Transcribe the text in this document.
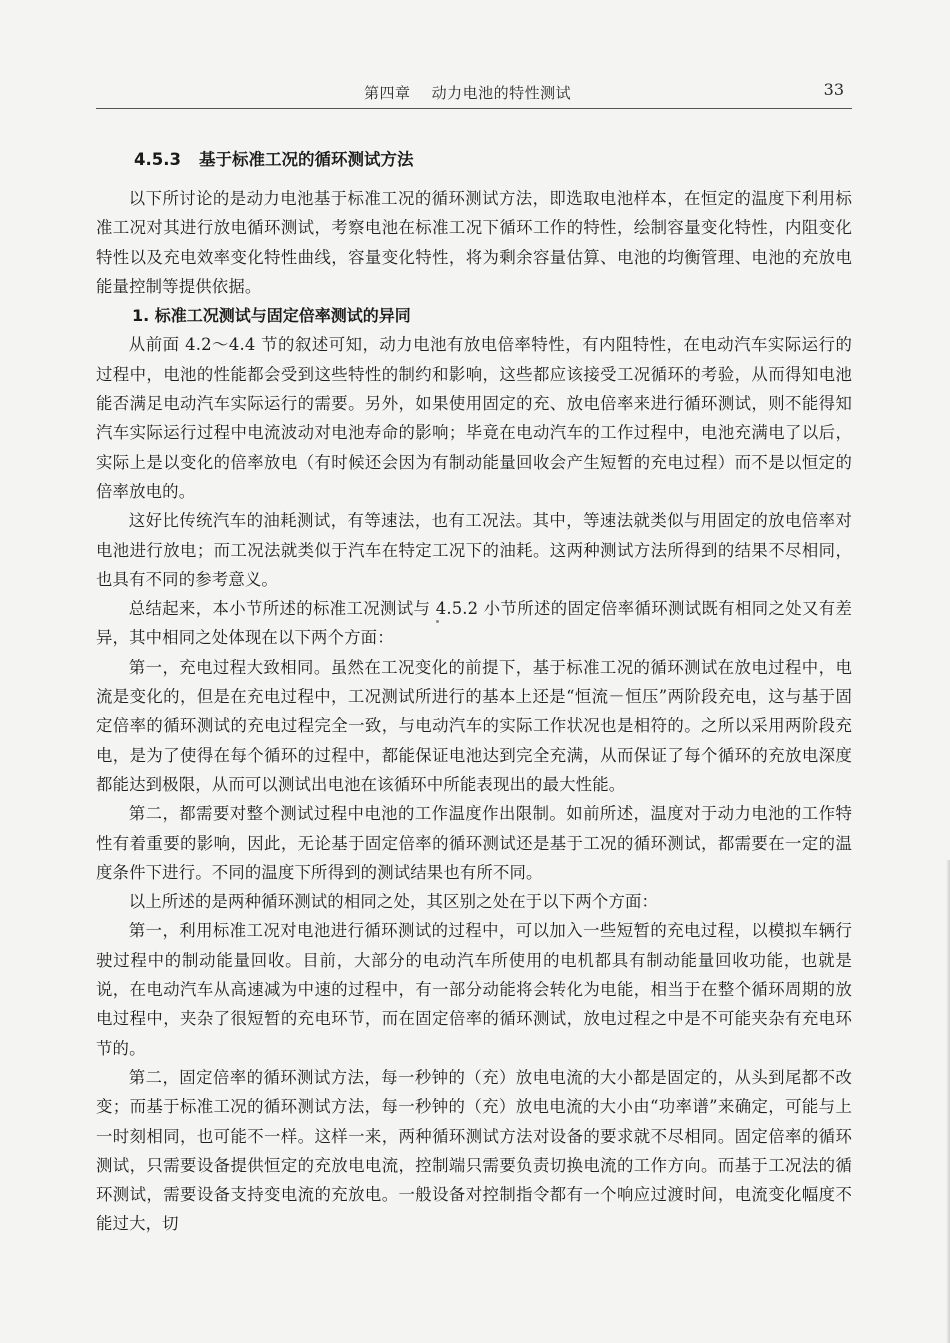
第四章    动力电池的特性测试	33
4.5.3 基于标准工况的循环测试方法

以下所讨论的是动力电池基于标准工况的循环测试方法，即选取电池样本，在恒定的温度下利用标准工况对其进行放电循环测试，考察电池在标准工况下循环工作的特性，绘制容量变化特性，内阻变化特性以及充电效率变化特性曲线，容量变化特性，将为剩余容量估算、电池的均衡管理、电池的充放电能量控制等提供依据。

1. 标准工况测试与固定倍率测试的异同

从前面 4.2～4.4 节的叙述可知，动力电池有放电倍率特性，有内阻特性，在电动汽车实际运行的过程中，电池的性能都会受到这些特性的制约和影响，这些都应该接受工况循环的考验，从而得知电池能否满足电动汽车实际运行的需要。另外，如果使用固定的充、放电倍率来进行循环测试，则不能得知汽车实际运行过程中电流波动对电池寿命的影响；毕竟在电动汽车的工作过程中，电池充满电了以后，实际上是以变化的倍率放电（有时候还会因为有制动能量回收会产生短暂的充电过程）而不是以恒定的倍率放电的。

这好比传统汽车的油耗测试，有等速法，也有工况法。其中，等速法就类似与用固定的放电倍率对电池进行放电；而工况法就类似于汽车在特定工况下的油耗。这两种测试方法所得到的结果不尽相同，也具有不同的参考意义。

总结起来，本小节所述的标准工况测试与 4.5.2 小节所述的固定倍率循环测试既有相同之处又有差异，其中相同之处体现在以下两个方面：

第一，充电过程大致相同。虽然在工况变化的前提下，基于标准工况的循环测试在放电过程中，电流是变化的，但是在充电过程中，工况测试所进行的基本上还是“恒流－恒压”两阶段充电，这与基于固定倍率的循环测试的充电过程完全一致，与电动汽车的实际工作状况也是相符的。之所以采用两阶段充电，是为了使得在每个循环的过程中，都能保证电池达到完全充满，从而保证了每个循环的充放电深度都能达到极限，从而可以测试出电池在该循环中所能表现出的最大性能。

第二，都需要对整个测试过程中电池的工作温度作出限制。如前所述，温度对于动力电池的工作特性有着重要的影响，因此，无论基于固定倍率的循环测试还是基于工况的循环测试，都需要在一定的温度条件下进行。不同的温度下所得到的测试结果也有所不同。

以上所述的是两种循环测试的相同之处，其区别之处在于以下两个方面：

第一，利用标准工况对电池进行循环测试的过程中，可以加入一些短暂的充电过程，以模拟车辆行驶过程中的制动能量回收。目前，大部分的电动汽车所使用的电机都具有制动能量回收功能，也就是说，在电动汽车从高速减为中速的过程中，有一部分动能将会转化为电能，相当于在整个循环周期的放电过程中，夹杂了很短暂的充电环节，而在固定倍率的循环测试，放电过程之中是不可能夹杂有充电环节的。

第二，固定倍率的循环测试方法，每一秒钟的（充）放电电流的大小都是固定的，从头到尾都不改变；而基于标准工况的循环测试方法，每一秒钟的（充）放电电流的大小由“功率谱”来确定，可能与上一时刻相同，也可能不一样。这样一来，两种循环测试方法对设备的要求就不尽相同。固定倍率的循环测试，只需要设备提供恒定的充放电电流，控制端只需要负责切换电流的工作方向。而基于工况法的循环测试，需要设备支持变电流的充放电。一般设备对控制指令都有一个响应过渡时间，电流变化幅度不能过大，切
